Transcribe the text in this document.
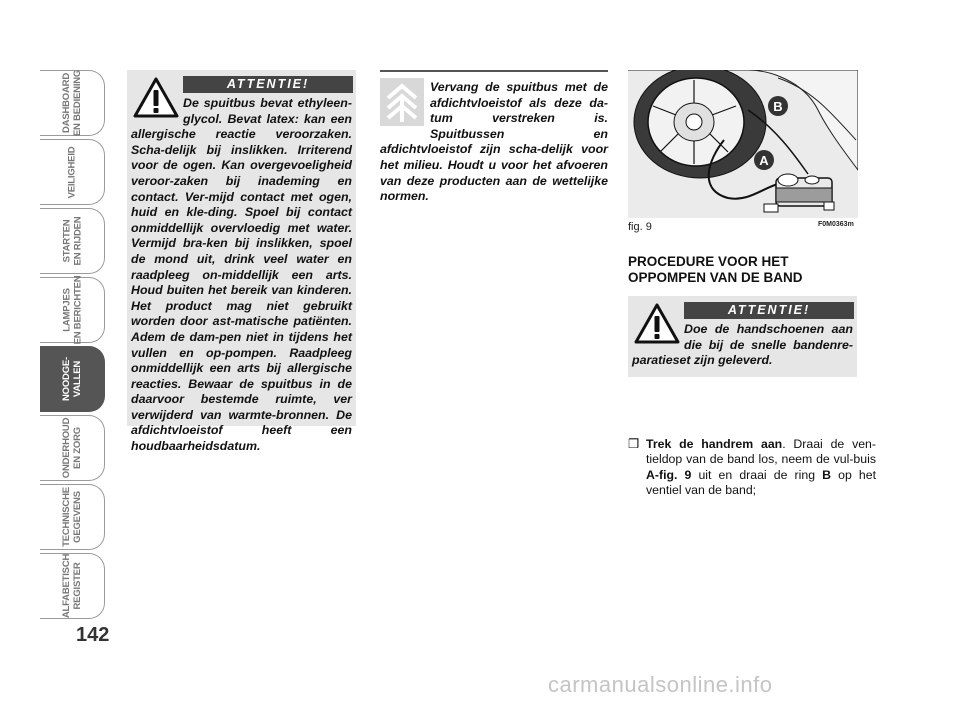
DASHBOARD
EN BEDIENING
VEILIGHEID
STARTEN
EN RIJDEN
LAMPJES
EN BERICHTEN
NOODGE-
VALLEN
ONDERHOUD
EN ZORG
TECHNISCHE
GEGEVENS
ALFABETISCH
REGISTER
142
ATTENTIE!

De spuitbus bevat ethyleen-glycol. Bevat latex: kan een allergische reactie veroorzaken. Scha-delijk bij inslikken. Irriterend voor de ogen. Kan overgevoeligheid veroor-zaken bij inademing en contact. Ver-mijd contact met ogen, huid en kle-ding. Spoel bij contact onmiddellijk overvloedig met water. Vermijd bra-ken bij inslikken, spoel de mond uit, drink veel water en raadpleeg on-middellijk een arts. Houd buiten het bereik van kinderen. Het product mag niet gebruikt worden door ast-matische patiënten. Adem de dam-pen niet in tijdens het vullen en op-pompen. Raadpleeg onmiddellijk een arts bij allergische reacties. Bewaar de spuitbus in de daarvoor bestemde ruimte, ver verwijderd van warmte-bronnen. De afdichtvloeistof heeft een houdbaarheidsdatum.

Vervang de spuitbus met de afdichtvloeistof als deze da-tum verstreken is. Spuitbussen en afdichtvloeistof zijn scha-delijk voor het milieu. Houdt u voor het afvoeren van deze producten aan de wettelijke normen.

B
A
fig. 9	F0M0363m
PROCEDURE VOOR HET
OPPOMPEN VAN DE BAND
ATTENTIE!

Doe de handschoenen aan die bij de snelle bandenre-paratieset zijn geleverd.

❒ Trek de handrem aan. Draai de ven-tieldop van de band los, neem de vul-buis A-fig. 9 uit en draai de ring B op het ventiel van de band;

carmanualsonline.info
